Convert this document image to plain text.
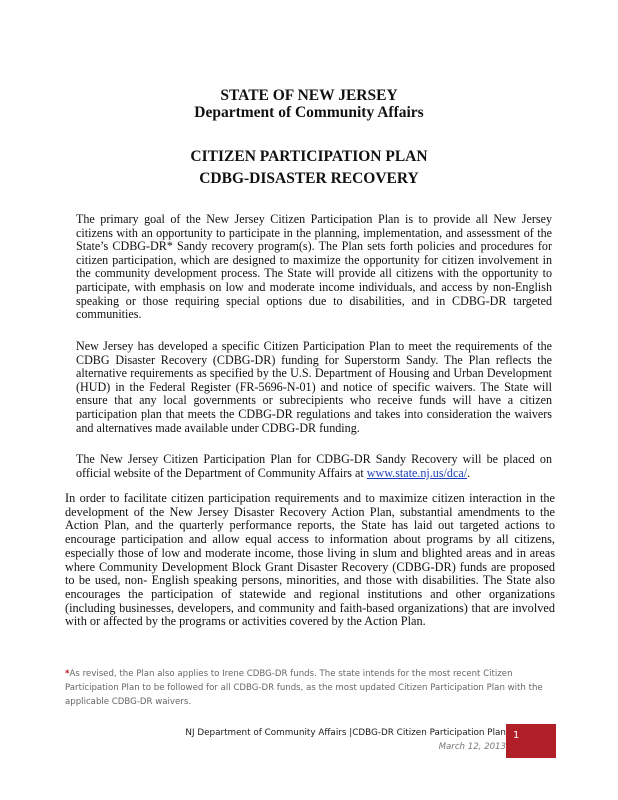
STATE OF NEW JERSEY
Department of Community Affairs
CITIZEN PARTICIPATION PLAN
CDBG-DISASTER RECOVERY

The primary goal of the New Jersey Citizen Participation Plan is to provide all New Jersey citizens with an opportunity to participate in the planning, implementation, and assessment of the State’s CDBG-DR* Sandy recovery program(s). The Plan sets forth policies and procedures for citizen participation, which are designed to maximize the opportunity for citizen involvement in the community development process. The State will provide all citizens with the opportunity to participate, with emphasis on low and moderate income individuals, and access by non-English speaking or those requiring special options due to disabilities, and in CDBG-DR targeted communities.

New Jersey has developed a specific Citizen Participation Plan to meet the requirements of the CDBG Disaster Recovery (CDBG-DR) funding for Superstorm Sandy. The Plan reflects the alternative requirements as specified by the U.S. Department of Housing and Urban Development (HUD) in the Federal Register (FR-5696-N-01) and notice of specific waivers. The State will ensure that any local governments or subrecipients who receive funds will have a citizen participation plan that meets the CDBG-DR regulations and takes into consideration the waivers and alternatives made available under CDBG-DR funding.

The New Jersey Citizen Participation Plan for CDBG-DR Sandy Recovery will be placed on official website of the Department of Community Affairs at www.state.nj.us/dca/.

In order to facilitate citizen participation requirements and to maximize citizen interaction in the development of the New Jersey Disaster Recovery Action Plan, substantial amendments to the Action Plan, and the quarterly performance reports, the State has laid out targeted actions to encourage participation and allow equal access to information about programs by all citizens, especially those of low and moderate income, those living in slum and blighted areas and in areas where Community Development Block Grant Disaster Recovery (CDBG-DR) funds are proposed to be used, non- English speaking persons, minorities, and those with disabilities. The State also encourages the participation of statewide and regional institutions and other organizations (including businesses, developers, and community and faith-based organizations) that are involved with or affected by the programs or activities covered by the Action Plan.

*As revised, the Plan also applies to Irene CDBG-DR funds. The state intends for the most recent Citizen Participation Plan to be followed for all CDBG-DR funds, as the most updated Citizen Participation Plan with the applicable CDBG-DR waivers.

NJ Department of Community Affairs |CDBG-DR Citizen Participation Plan
March 12, 2013
1
